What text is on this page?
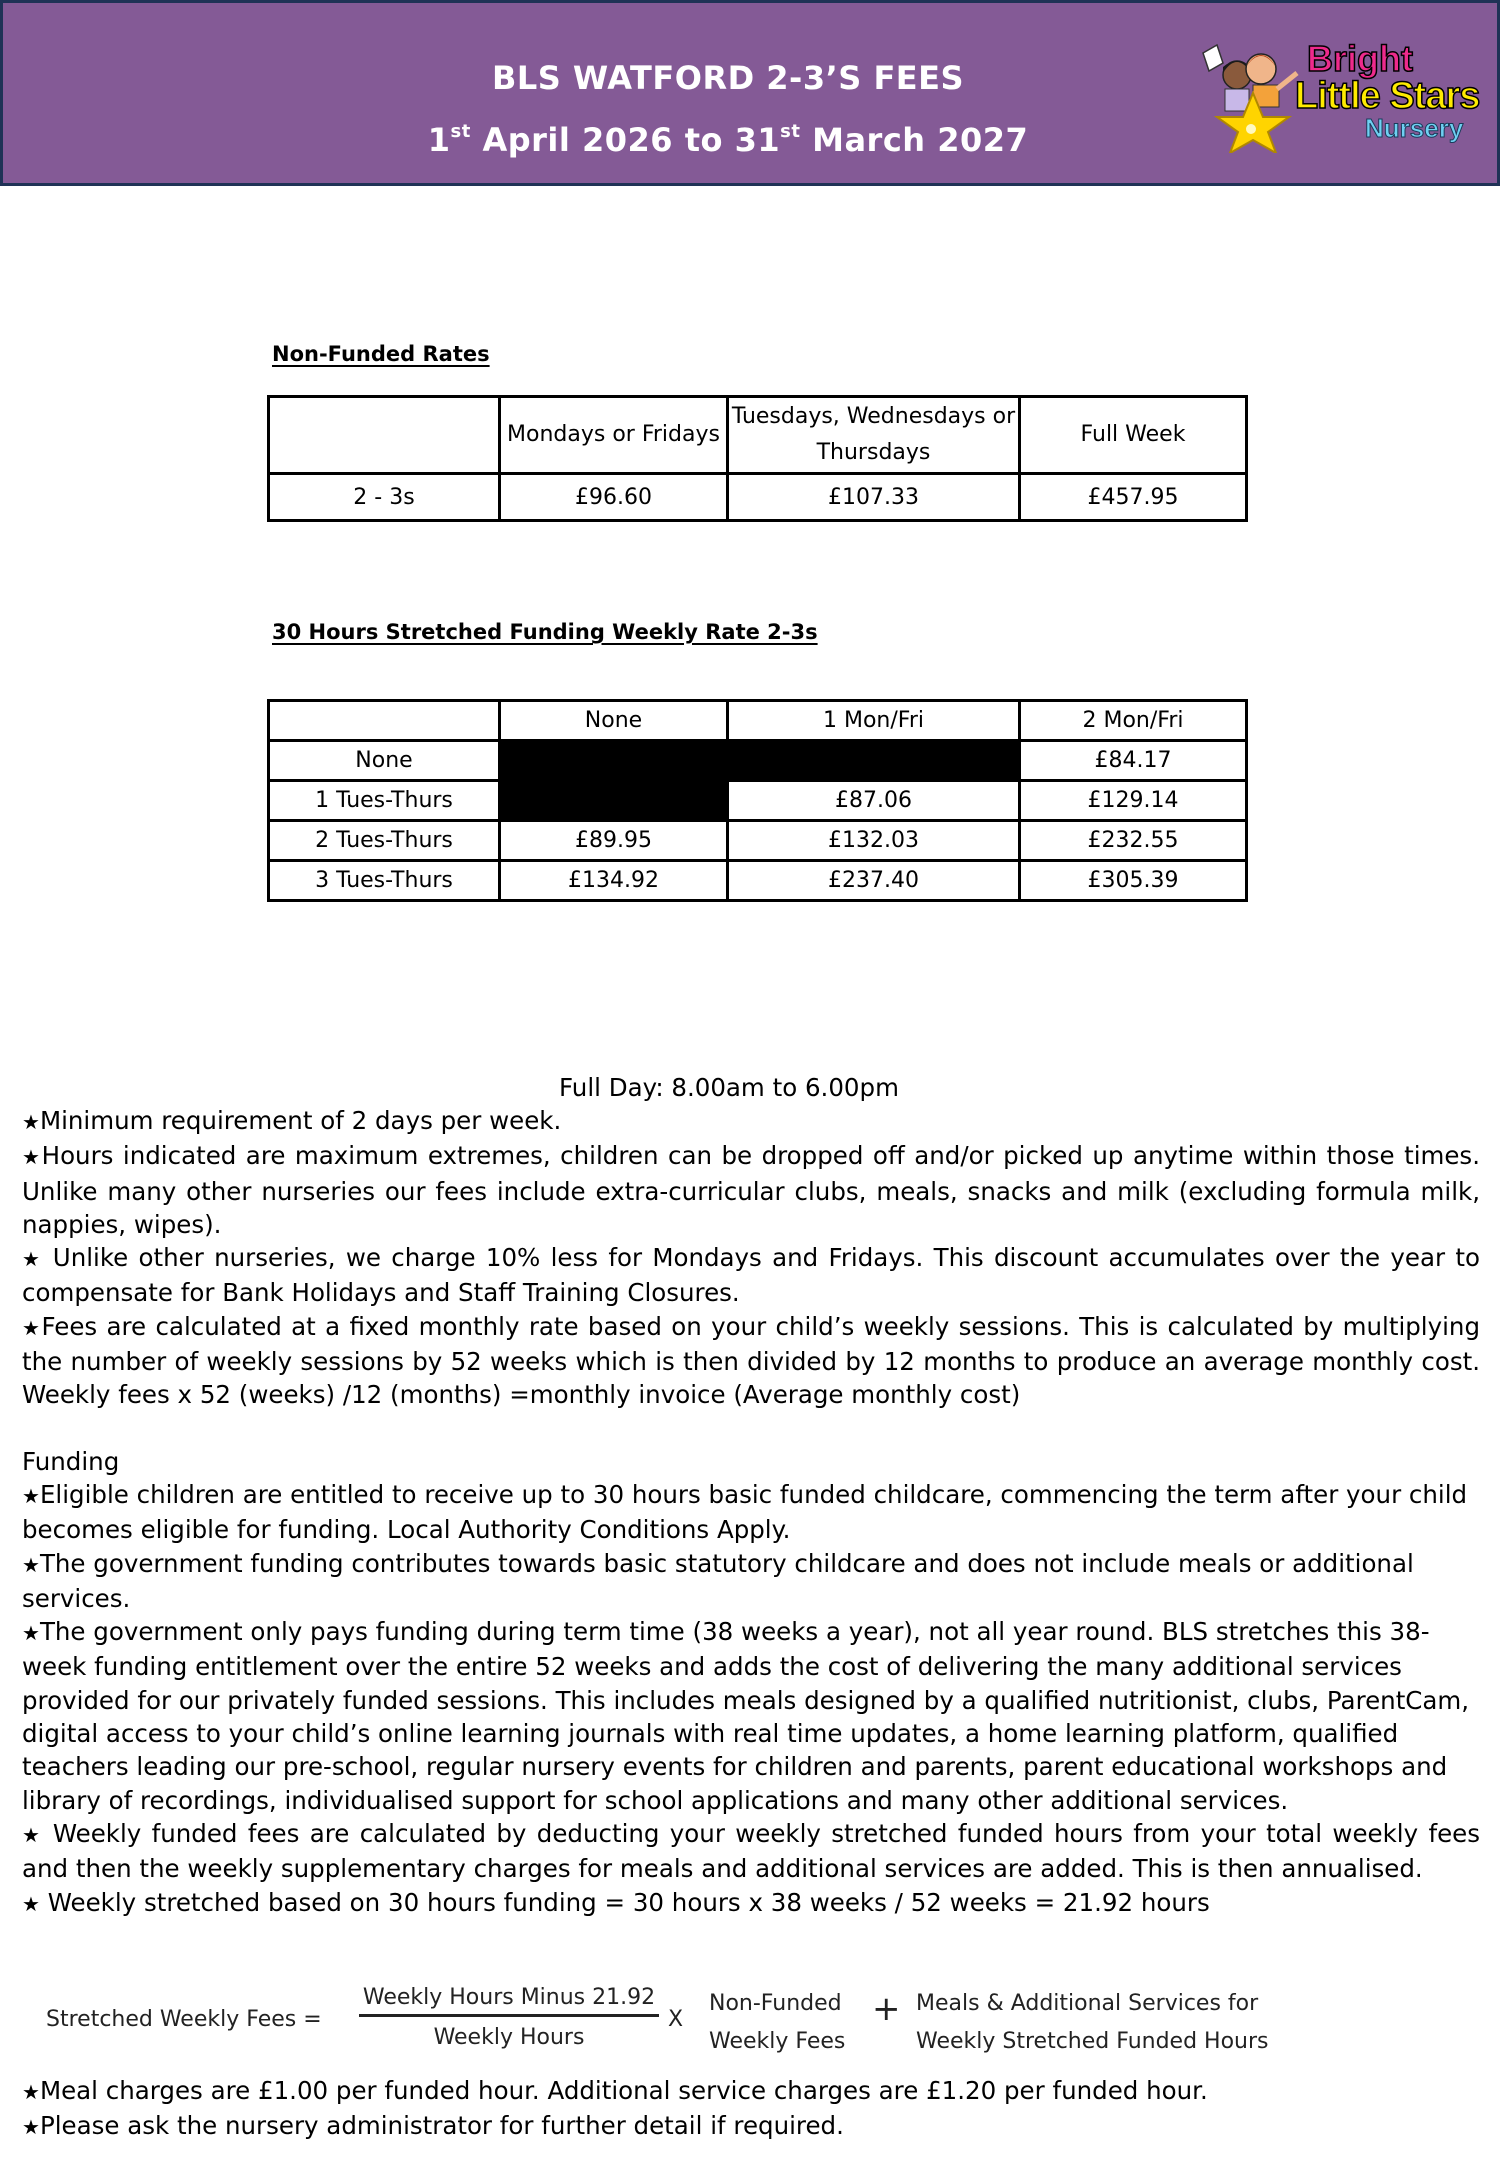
BLS WATFORD 2-3’S FEES
1st April 2026 to 31st March 2027
Bright
Little Stars
Nursery
Non-Funded Rates
	Mondays or Fridays	Tuesdays, Wednesdays or Thursdays	Full Week
2 - 3s	£96.60	£107.33	£457.95
30 Hours Stretched Funding Weekly Rate 2-3s
	None	1 Mon/Fri	2 Mon/Fri
None			£84.17
1 Tues-Thurs		£87.06	£129.14
2 Tues-Thurs	£89.95	£132.03	£232.55
3 Tues-Thurs	£134.92	£237.40	£305.39
Full Day: 8.00am to 6.00pm

★Minimum requirement of 2 days per week.

★Hours indicated are maximum extremes, children can be dropped off and/or picked up anytime within those times. Unlike many other nurseries our fees include extra-curricular clubs, meals, snacks and milk (excluding formula milk, nappies, wipes).

★ Unlike other nurseries, we charge 10% less for Mondays and Fridays. This discount accumulates over the year to compensate for Bank Holidays and Staff Training Closures.

★Fees are calculated at a fixed monthly rate based on your child’s weekly sessions. This is calculated by multiplying the number of weekly sessions by 52 weeks which is then divided by 12 months to produce an average monthly cost. Weekly fees x 52 (weeks) /12 (months) =monthly invoice (Average monthly cost)

Funding

★Eligible children are entitled to receive up to 30 hours basic funded childcare, commencing the term after your child becomes eligible for funding. Local Authority Conditions Apply.

★The government funding contributes towards basic statutory childcare and does not include meals or additional services.

★The government only pays funding during term time (38 weeks a year), not all year round. BLS stretches this 38-week funding entitlement over the entire 52 weeks and adds the cost of delivering the many additional services provided for our privately funded sessions. This includes meals designed by a qualified nutritionist, clubs, ParentCam, digital access to your child’s online learning journals with real time updates, a home learning platform, qualified teachers leading our pre-school, regular nursery events for children and parents, parent educational workshops and library of recordings, individualised support for school applications and many other additional services.

★ Weekly funded fees are calculated by deducting your weekly stretched funded hours from your total weekly fees and then the weekly supplementary charges for meals and additional services are added. This is then annualised.

★ Weekly stretched based on 30 hours funding = 30 hours x 38 weeks / 52 weeks = 21.92 hours

Stretched Weekly Fees =
Weekly Hours Minus 21.92
Weekly Hours
X
Non-Funded
Weekly Fees
+ Meals & Additional Services for
Weekly Stretched Funded Hours

★Meal charges are £1.00 per funded hour. Additional service charges are £1.20 per funded hour.

★Please ask the nursery administrator for further detail if required.
